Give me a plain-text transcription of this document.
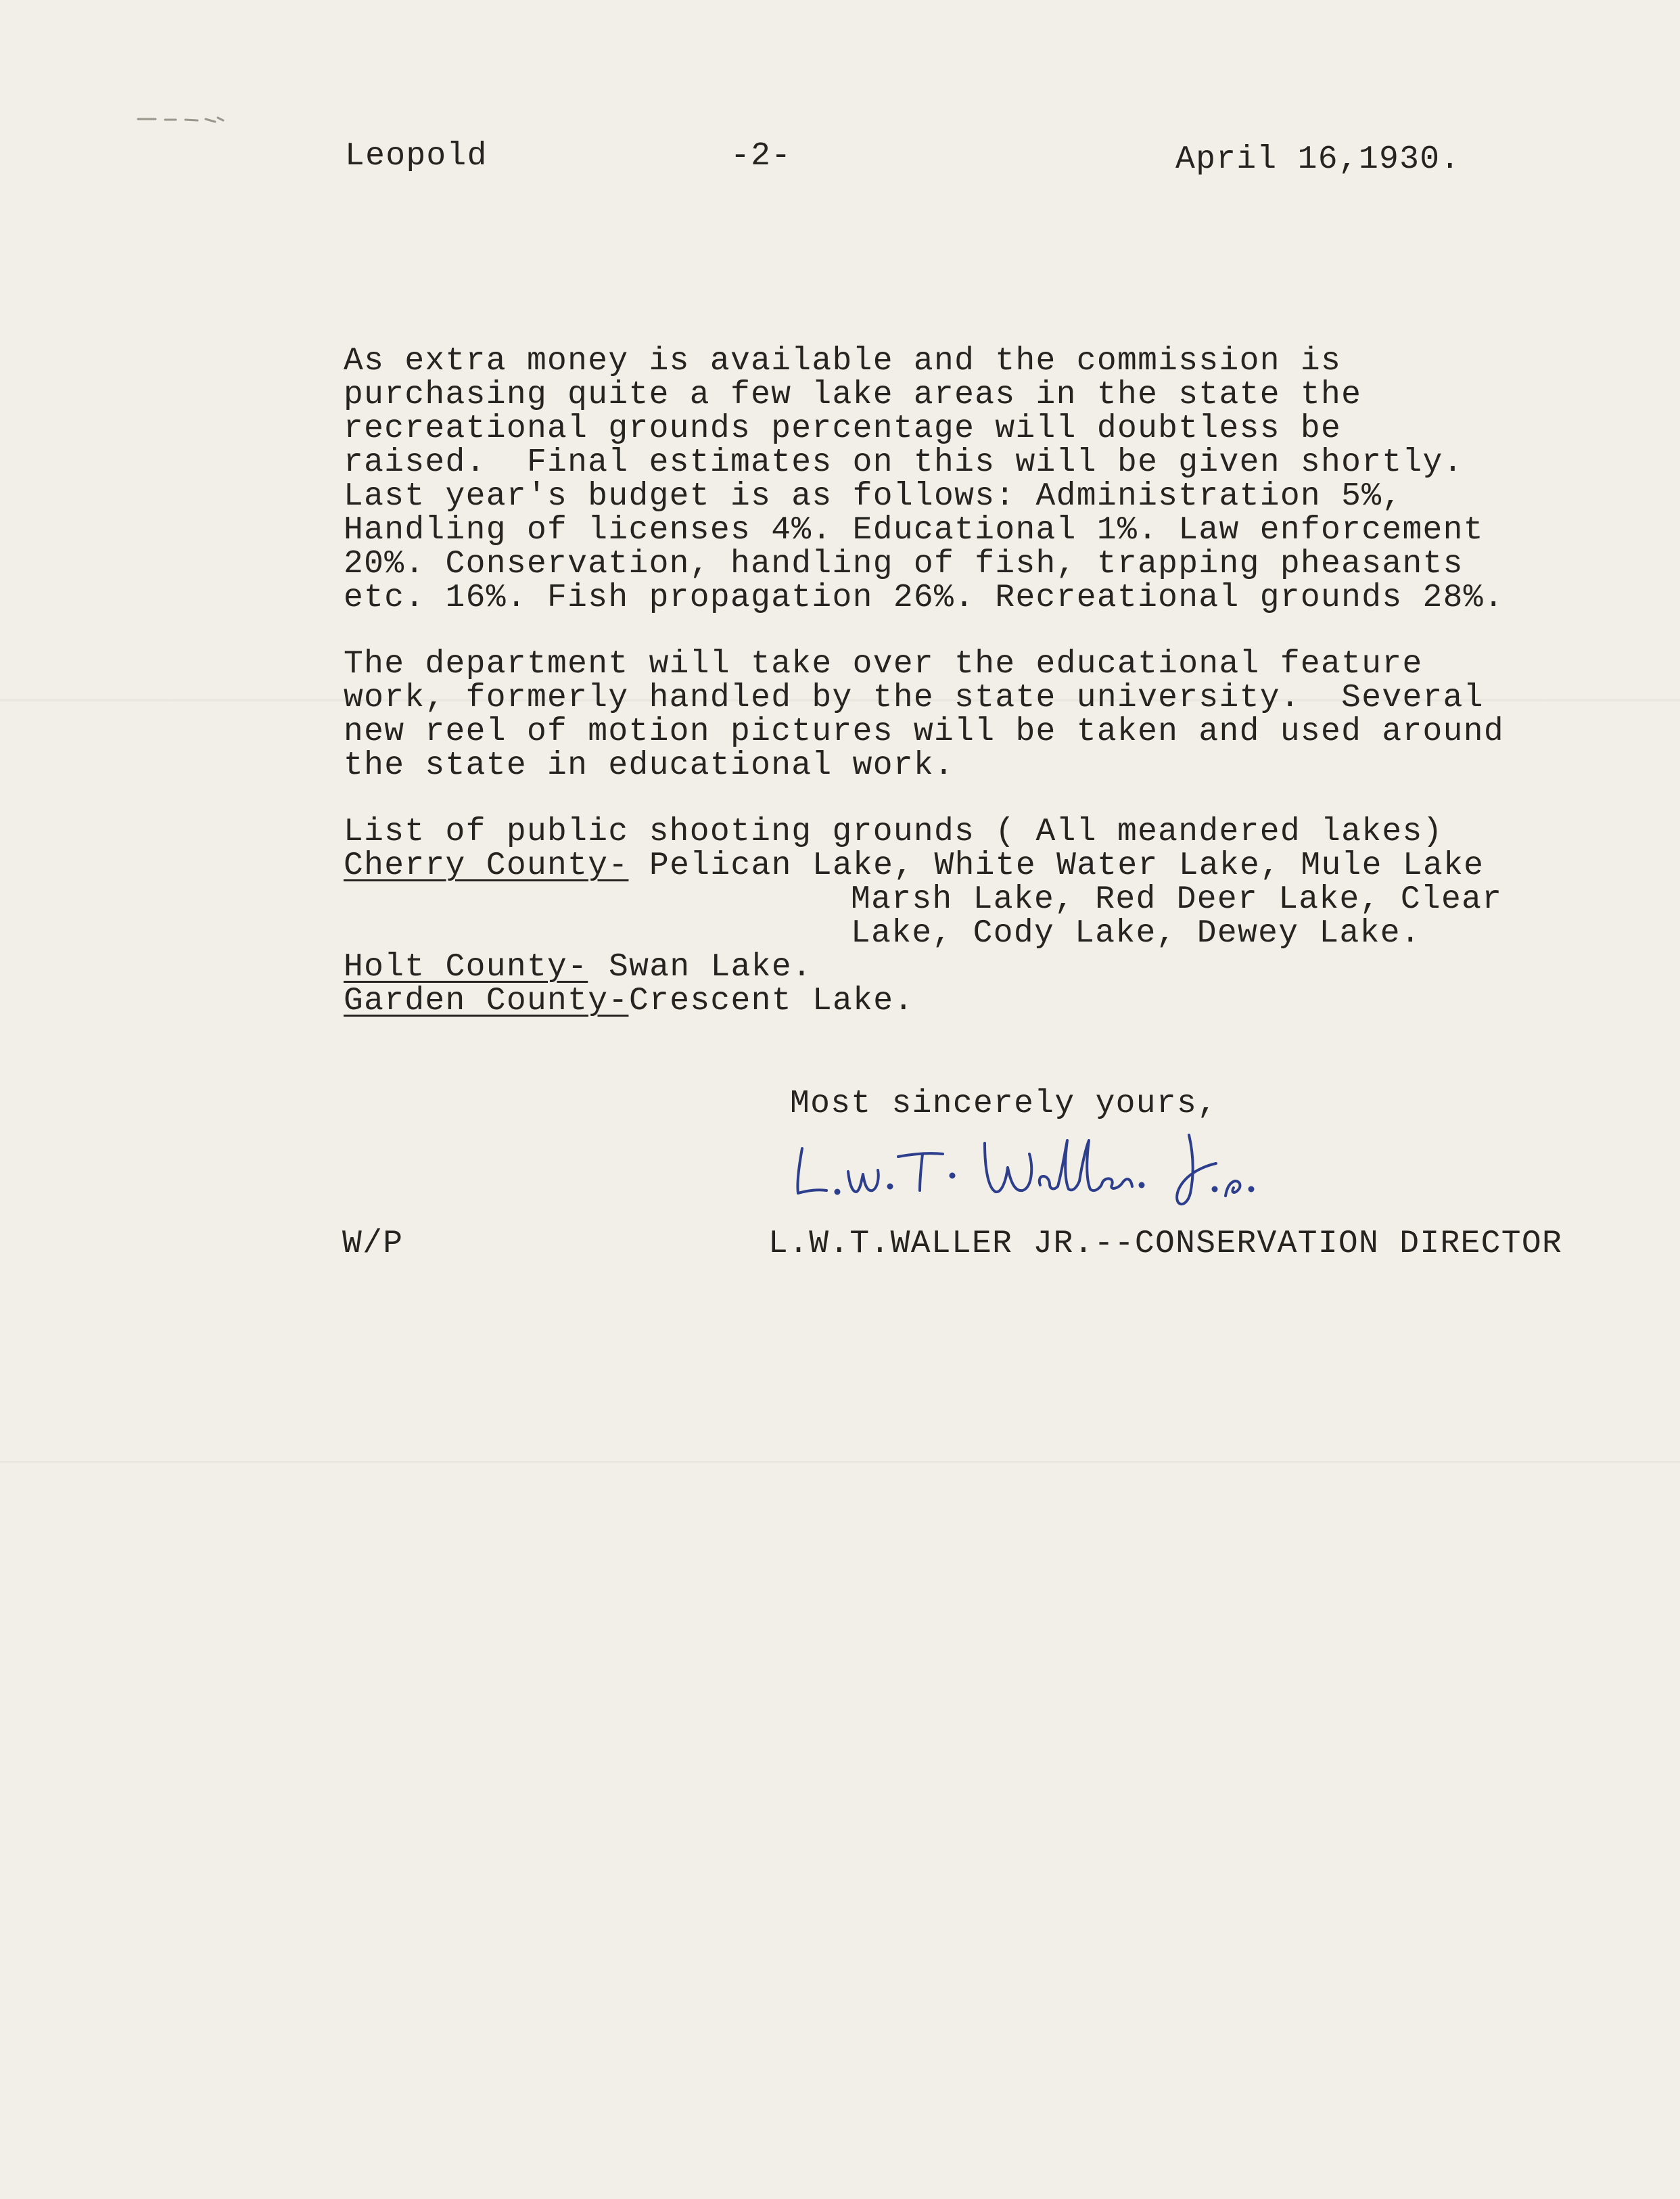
Leopold	-2-	April 16,1930.

As extra money is available and the commission is

purchasing quite a few lake areas in the state the

recreational grounds percentage will doubtless be

raised.  Final estimates on this will be given shortly.

Last year's budget is as follows: Administration 5%,

Handling of licenses 4%. Educational 1%. Law enforcement

20%. Conservation, handling of fish, trapping pheasants

etc. 16%. Fish propagation 26%. Recreational grounds 28%.

The department will take over the educational feature

work, formerly handled by the state university.  Several

new reel of motion pictures will be taken and used around

the state in educational work.

List of public shooting grounds ( All meandered lakes)

Cherry County- Pelican Lake, White Water Lake, Mule Lake

Marsh Lake, Red Deer Lake, Clear

Lake, Cody Lake, Dewey Lake.

Holt County- Swan Lake.

Garden County- Crescent Lake.

Most sincerely yours,

W/P	L.W.T.WALLER JR.--CONSERVATION DIRECTOR
